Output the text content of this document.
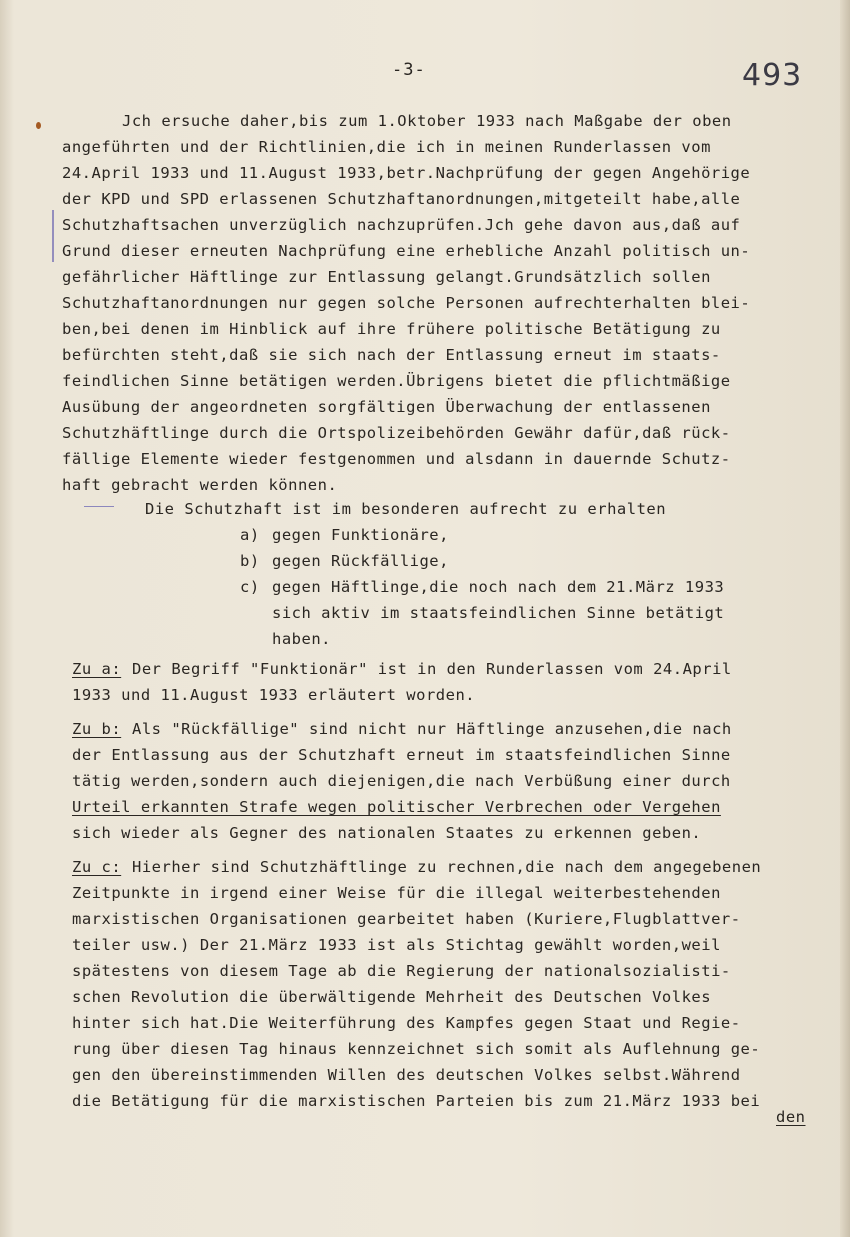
-3-	493
Jch ersuche daher,bis zum 1.Oktober 1933 nach Maßgabe der oben
angeführten und der Richtlinien,die ich in meinen Runderlassen vom
24.April 1933 und 11.August 1933,betr.Nachprüfung der gegen Angehörige
der KPD und SPD erlassenen Schutzhaftanordnungen,mitgeteilt habe,alle
Schutzhaftsachen unverzüglich nachzuprüfen.Jch gehe davon aus,daß auf
Grund dieser erneuten Nachprüfung eine erhebliche Anzahl politisch un-
gefährlicher Häftlinge zur Entlassung gelangt.Grundsätzlich sollen
Schutzhaftanordnungen nur gegen solche Personen aufrechterhalten blei-
ben,bei denen im Hinblick auf ihre frühere politische Betätigung zu
befürchten steht,daß sie sich nach der Entlassung erneut im staats-
feindlichen Sinne betätigen werden.Übrigens bietet die pflichtmäßige
Ausübung der angeordneten sorgfältigen Überwachung der entlassenen
Schutzhäftlinge durch die Ortspolizeibehörden Gewähr dafür,daß rück-
fällige Elemente wieder festgenommen und alsdann in dauernde Schutz-
haft gebracht werden können.
Die Schutzhaft ist im besonderen aufrecht zu erhalten
a) gegen Funktionäre,
b) gegen Rückfällige,
c) gegen Häftlinge,die noch nach dem 21.März 1933
sich aktiv im staatsfeindlichen Sinne betätigt
haben.
Zu a: Der Begriff "Funktionär" ist in den Runderlassen vom 24.April
1933 und 11.August 1933 erläutert worden.
Zu b: Als "Rückfällige" sind nicht nur Häftlinge anzusehen,die nach
der Entlassung aus der Schutzhaft erneut im staatsfeindlichen Sinne
tätig werden,sondern auch diejenigen,die nach Verbüßung einer durch
Urteil erkannten Strafe wegen politischer Verbrechen oder Vergehen
sich wieder als Gegner des nationalen Staates zu erkennen geben.
Zu c: Hierher sind Schutzhäftlinge zu rechnen,die nach dem angegebenen
Zeitpunkte in irgend einer Weise für die illegal weiterbestehenden
marxistischen Organisationen gearbeitet haben (Kuriere,Flugblattver-
teiler usw.) Der 21.März 1933 ist als Stichtag gewählt worden,weil
spätestens von diesem Tage ab die Regierung der nationalsozialisti-
schen Revolution die überwältigende Mehrheit des Deutschen Volkes
hinter sich hat.Die Weiterführung des Kampfes gegen Staat und Regie-
rung über diesen Tag hinaus kennzeichnet sich somit als Auflehnung ge-
gen den übereinstimmenden Willen des deutschen Volkes selbst.Während
die Betätigung für die marxistischen Parteien bis zum 21.März 1933 bei
den
